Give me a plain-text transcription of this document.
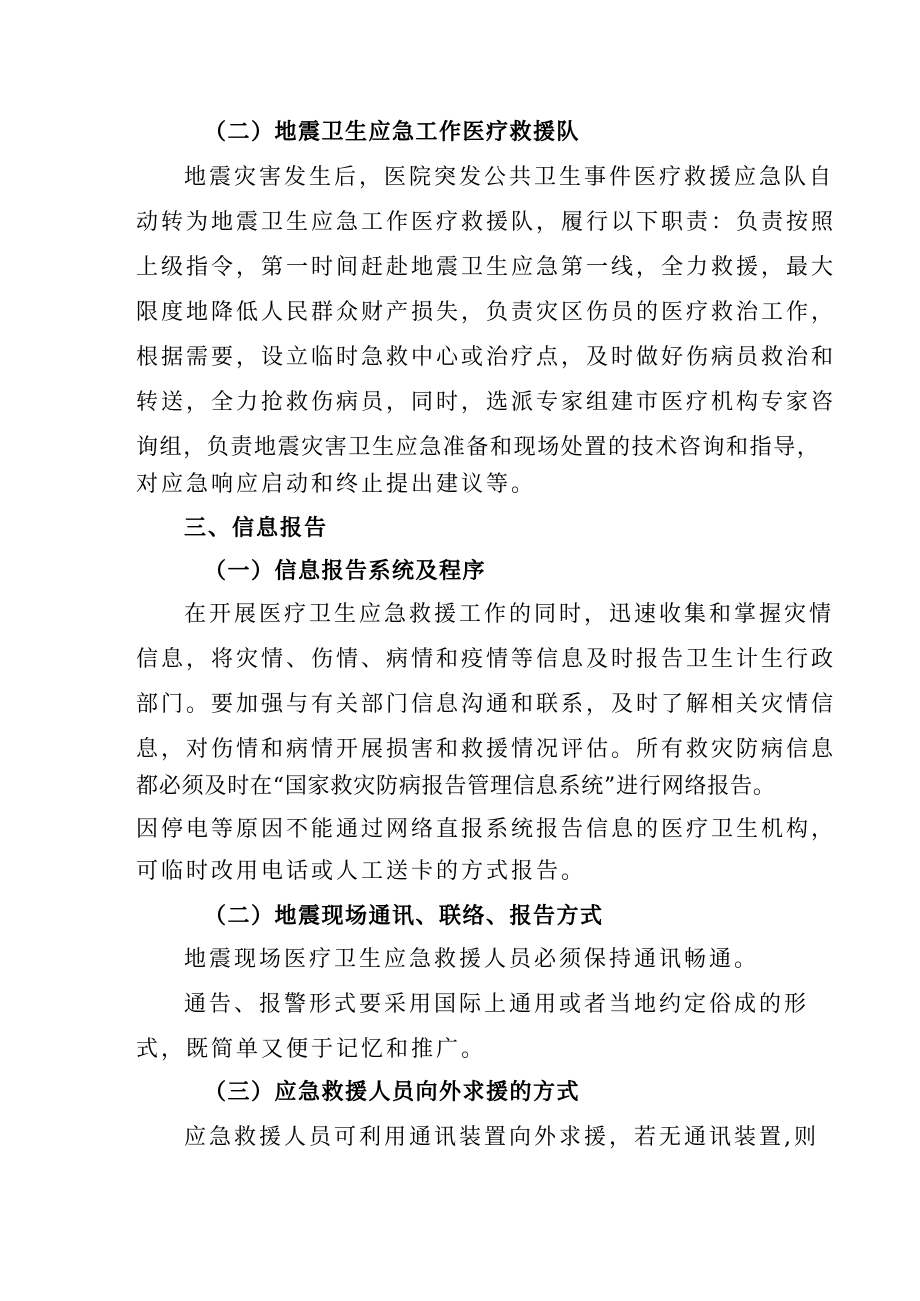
（二）地震卫生应急工作医疗救援队
地震灾害发生后，医院突发公共卫生事件医疗救援应急队自
动转为地震卫生应急工作医疗救援队，履行以下职责：负责按照
上级指令，第一时间赶赴地震卫生应急第一线，全力救援，最大
限度地降低人民群众财产损失，负责灾区伤员的医疗救治工作，
根据需要，设立临时急救中心或治疗点，及时做好伤病员救治和
转送，全力抢救伤病员，同时，选派专家组建市医疗机构专家咨
询组，负责地震灾害卫生应急准备和现场处置的技术咨询和指导，
对应急响应启动和终止提出建议等。
三、信息报告
（一）信息报告系统及程序
在开展医疗卫生应急救援工作的同时，迅速收集和掌握灾情
信息，将灾情、伤情、病情和疫情等信息及时报告卫生计生行政
部门。要加强与有关部门信息沟通和联系，及时了解相关灾情信
息，对伤情和病情开展损害和救援情况评估。所有救灾防病信息
都必须及时在“国家救灾防病报告管理信息系统”进行网络报告。
因停电等原因不能通过网络直报系统报告信息的医疗卫生机构，
可临时改用电话或人工送卡的方式报告。
（二）地震现场通讯、联络、报告方式
地震现场医疗卫生应急救援人员必须保持通讯畅通。
通告、报警形式要采用国际上通用或者当地约定俗成的形
式，既简单又便于记忆和推广。
（三）应急救援人员向外求援的方式
应急救援人员可利用通讯装置向外求援，若无通讯装置,则
